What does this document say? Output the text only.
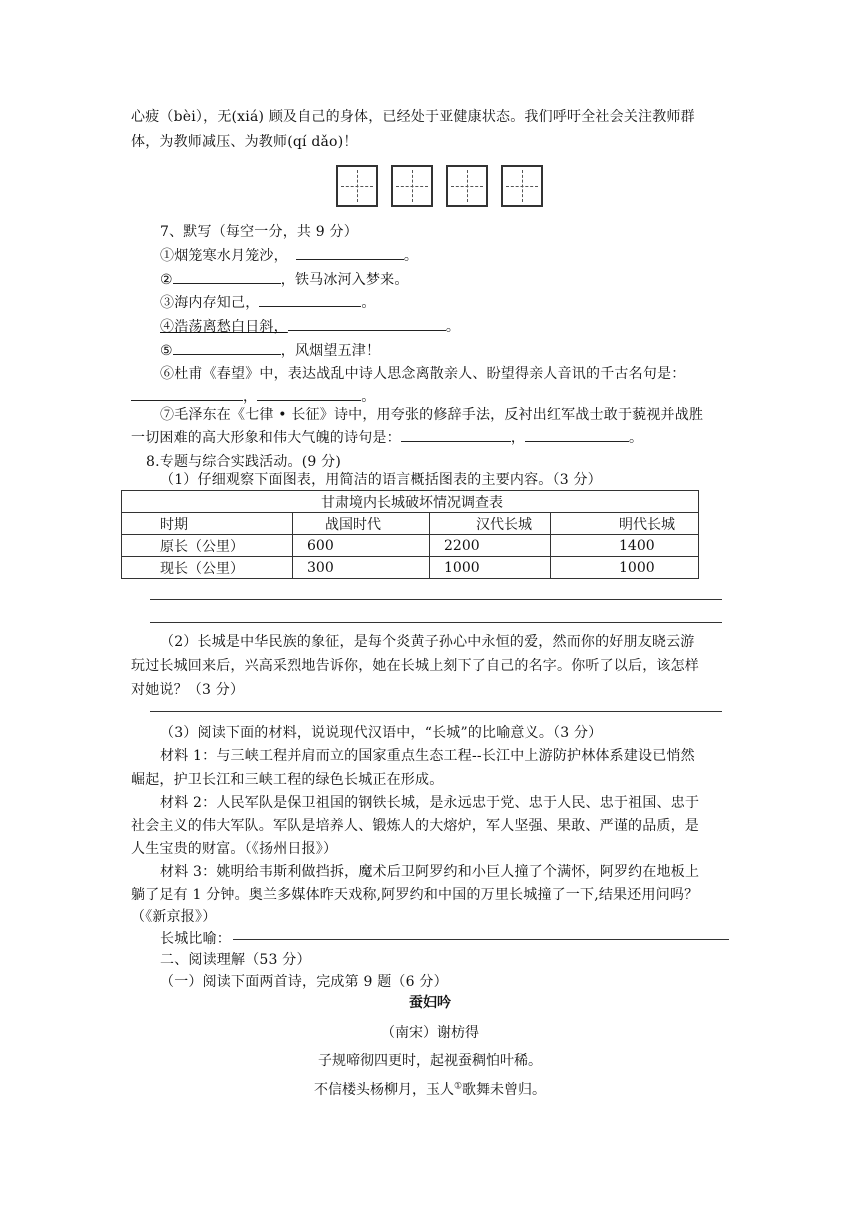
心疲（bèi），无(xiá) 顾及自己的身体，已经处于亚健康状态。我们呼吁全社会关注教师群
体，为教师减压、为教师(qí dǎo)！
7、默写（每空一分，共 9 分）
①烟笼寒水月笼沙，	。
②	，铁马冰河入梦来。
③海内存知己，	。
④浩荡离愁白日斜，	。
⑤	，风烟望五津！
⑥杜甫《春望》中，表达战乱中诗人思念离散亲人、盼望得亲人音讯的千古名句是：
，	。
⑦毛泽东在《七律 • 长征》诗中，用夸张的修辞手法，反衬出红军战士敢于藐视并战胜
一切困难的高大形象和伟大气魄的诗句是：	，	。
8.专题与综合实践活动。(9 分)
（1）仔细观察下面图表，用简洁的语言概括图表的主要内容。（3 分）
甘肃境内长城破坏情况调查表			
时期	战国时代	汉代长城	明代长城
原长（公里）	600	2200	1400
现长（公里）	300	1000	1000
（2）长城是中华民族的象征，是每个炎黄子孙心中永恒的爱，然而你的好朋友晓云游
玩过长城回来后，兴高采烈地告诉你，她在长城上刻下了自己的名字。你听了以后，该怎样
对她说？（3 分）
（3）阅读下面的材料，说说现代汉语中，“长城”的比喻意义。（3 分）
材料 1：与三峡工程并肩而立的国家重点生态工程--长江中上游防护林体系建设已悄然
崛起，护卫长江和三峡工程的绿色长城正在形成。
材料 2：人民军队是保卫祖国的钢铁长城，是永远忠于党、忠于人民、忠于祖国、忠于
社会主义的伟大军队。军队是培养人、锻炼人的大熔炉，军人坚强、果敢、严谨的品质，是
人生宝贵的财富。（《扬州日报》）
材料 3：姚明给韦斯利做挡拆，魔术后卫阿罗约和小巨人撞了个满怀，阿罗约在地板上
躺了足有 1 分钟。奥兰多媒体昨天戏称,阿罗约和中国的万里长城撞了一下,结果还用问吗？
（《新京报》）
长城比喻：
二、阅读理解（53 分）
（一）阅读下面两首诗，完成第 9 题（6 分）
蚕妇吟
（南宋）谢枋得
子规啼彻四更时，起视蚕稠怕叶稀。
不信楼头杨柳月，玉人①歌舞未曾归。
